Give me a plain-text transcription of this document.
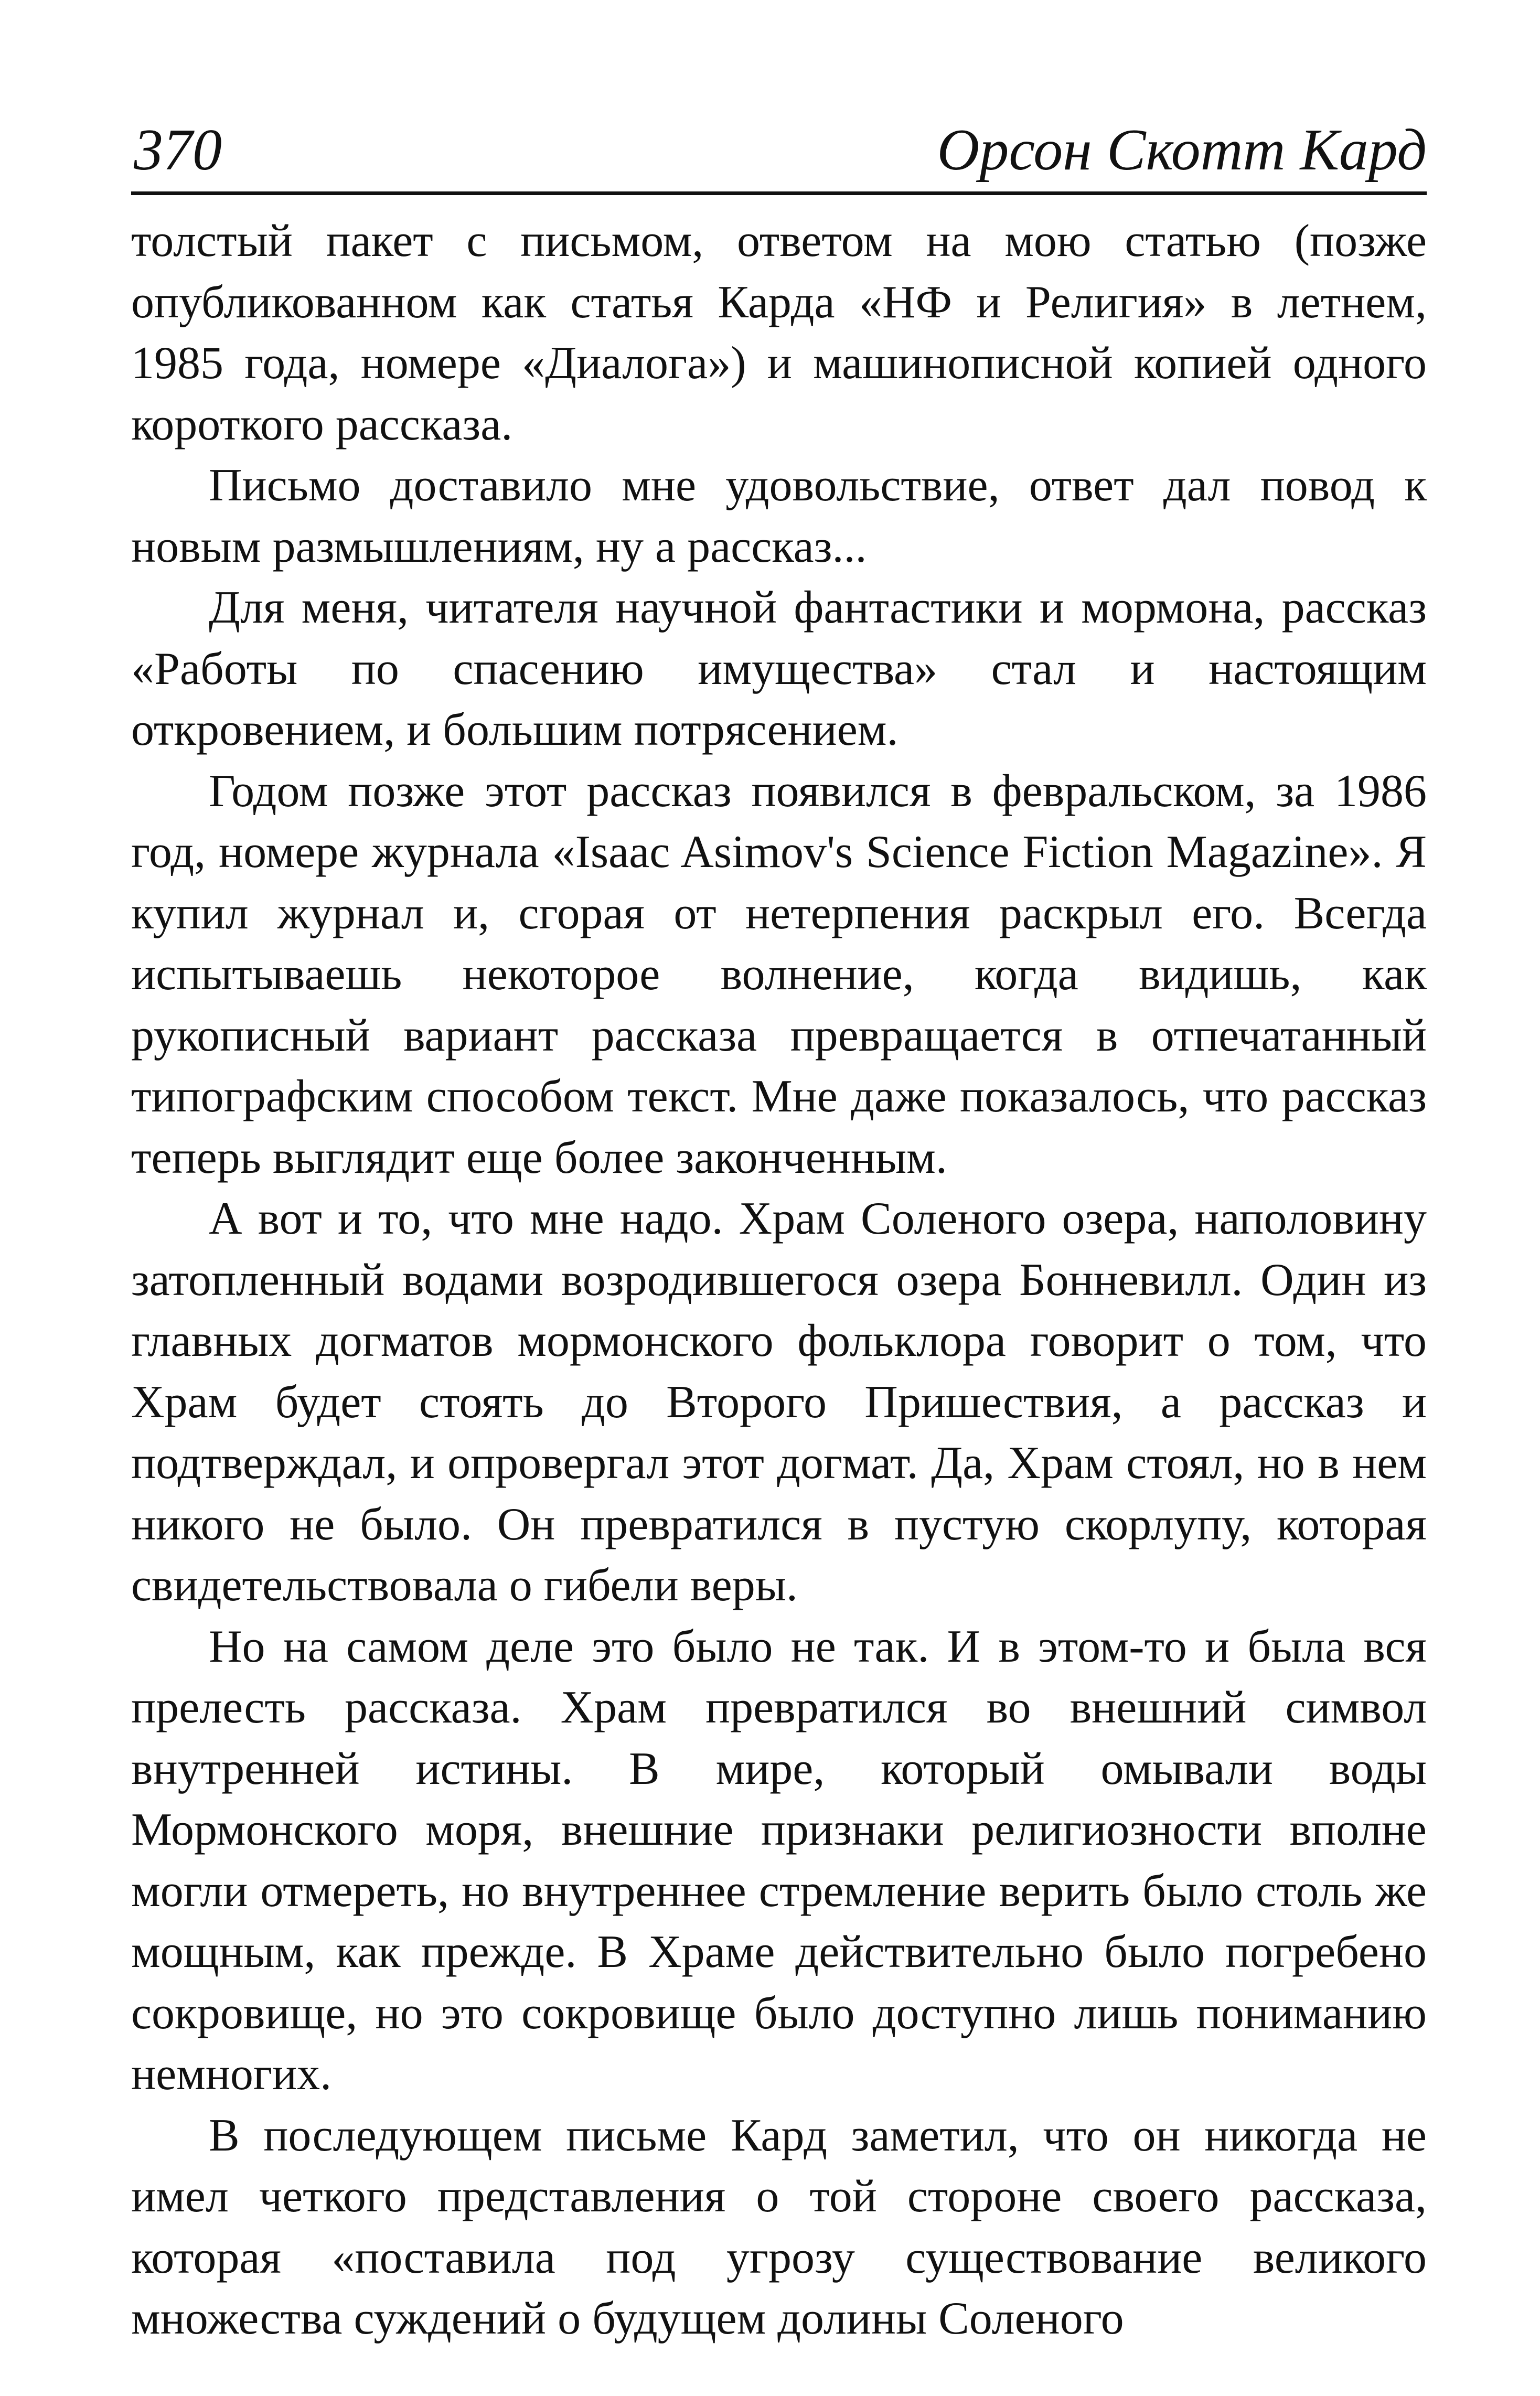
370	Орсон Скотт Кард

толстый пакет с письмом, ответом на мою статью (позже опубликованном как статья Карда «НФ и Религия» в летнем, 1985 года, номере «Диалога») и машинописной копией одного короткого рассказа.

Письмо доставило мне удовольствие, ответ дал повод к новым размышлениям, ну а рассказ...

Для меня, читателя научной фантастики и мормона, рассказ «Работы по спасению имущества» стал и настоящим откровением, и большим потрясением.

Годом позже этот рассказ появился в февральском, за 1986 год, номере журнала «Isaac Asimov's Science Fiction Magazine». Я купил журнал и, сгорая от нетерпения раскрыл его. Всегда испытываешь некоторое волнение, когда видишь, как рукописный вариант рассказа превращается в отпечатанный типографским способом текст. Мне даже показалось, что рассказ теперь выглядит еще более законченным.

А вот и то, что мне надо. Храм Соленого озера, наполовину затопленный водами возродившегося озера Бонневилл. Один из главных догматов мормонского фольклора говорит о том, что Храм будет стоять до Второго Пришествия, а рассказ и подтверждал, и опровергал этот догмат. Да, Храм стоял, но в нем никого не было. Он превратился в пустую скорлупу, которая свидетельствовала о гибели веры.

Но на самом деле это было не так. И в этом-то и была вся прелесть рассказа. Храм превратился во внешний символ внутренней истины. В мире, который омывали воды Мормонского моря, внешние признаки религиозности вполне могли отмереть, но внутреннее стремление верить было столь же мощным, как прежде. В Храме действительно было погребено сокровище, но это сокровище было доступно лишь пониманию немногих.

В последующем письме Кард заметил, что он никогда не имел четкого представления о той стороне своего рассказа, которая «поставила под угрозу существование великого множества суждений о будущем долины Соленого
